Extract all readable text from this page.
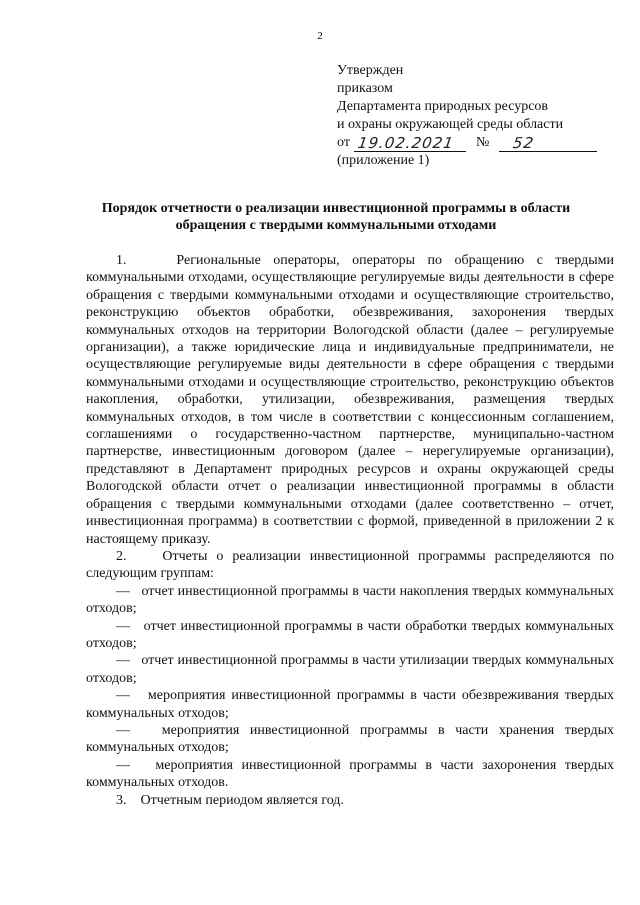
2
Утвержден
приказом
Департамента природных ресурсов
и охраны окружающей среды области
от 19.02.2021 № 52
(приложение 1)
Порядок отчетности о реализации инвестиционной программы в области
обращения с твердыми коммунальными отходами

1.    Региональные операторы, операторы по обращению с твердыми коммунальными отходами, осуществляющие регулируемые виды деятельности в сфере обращения с твердыми коммунальными отходами и осуществляющие строительство, реконструкцию объектов обработки, обезвреживания, захоронения твердых коммунальных отходов на территории Вологодской области (далее – регулируемые организации), а также юридические лица и индивидуальные предприниматели, не осуществляющие регулируемые виды деятельности в сфере обращения с твердыми коммунальными отходами и осуществляющие строительство, реконструкцию объектов накопления, обработки, утилизации, обезвреживания, размещения твердых коммунальных отходов, в том числе в соответствии с концессионным соглашением, соглашениями о государственно-частном партнерстве, муниципально-частном партнерстве, инвестиционным договором (далее – нерегулируемые организации), представляют в Департамент природных ресурсов и охраны окружающей среды Вологодской области отчет о реализации инвестиционной программы в области обращения с твердыми коммунальными отходами (далее соответственно – отчет, инвестиционная программа) в соответствии с формой, приведенной в приложении 2 к настоящему приказу.

2.    Отчеты о реализации инвестиционной программы распределяются по следующим группам:

—   отчет инвестиционной программы в части накопления твердых коммунальных отходов;

—   отчет инвестиционной программы в части обработки твердых коммунальных отходов;

—   отчет инвестиционной программы в части утилизации твердых коммунальных отходов;

—   мероприятия инвестиционной программы в части обезвреживания твердых коммунальных отходов;

—   мероприятия инвестиционной программы в части хранения твердых коммунальных отходов;

—   мероприятия инвестиционной программы в части захоронения твердых коммунальных отходов.

3.    Отчетным периодом является год.
